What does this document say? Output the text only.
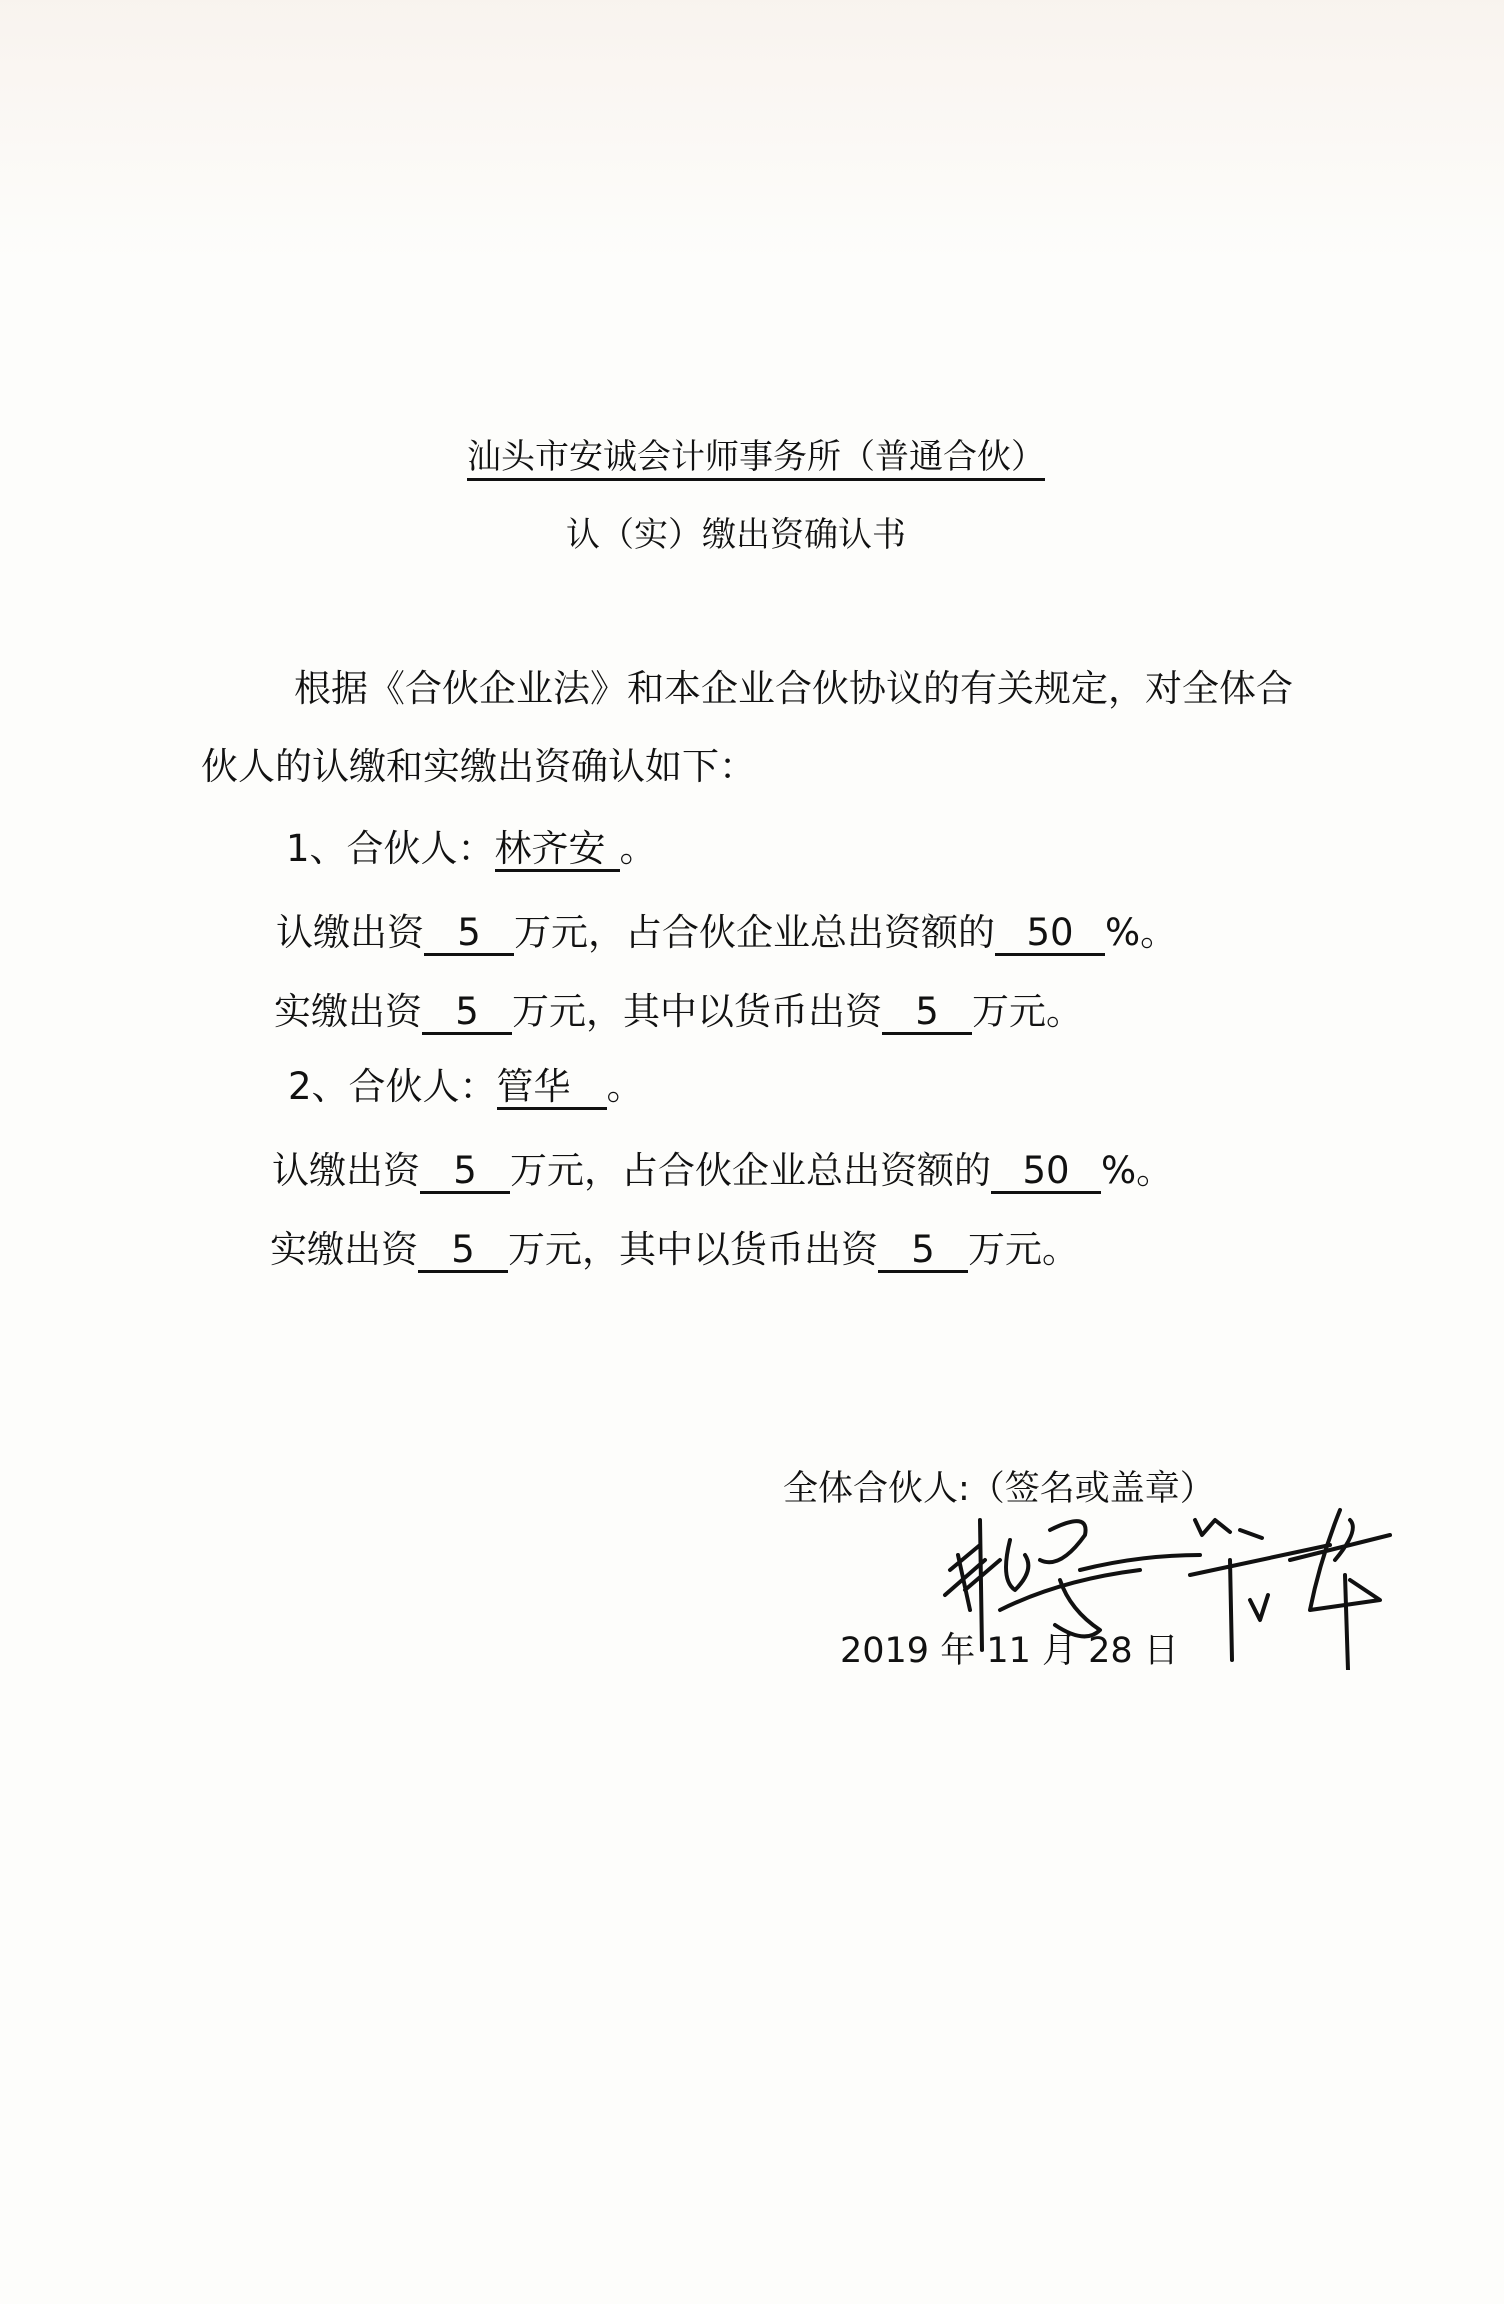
汕头市安诚会计师事务所（普通合伙）
认（实）缴出资确认书
根据《合伙企业法》和本企业合伙协议的有关规定，对全体合
伙人的认缴和实缴出资确认如下：
1、合伙人：林齐安 。
认缴出资 5 万元，占合伙企业总出资额的 50 %。
实缴出资 5 万元，其中以货币出资 5 万元。
2、合伙人：管华 。
认缴出资 5 万元，占合伙企业总出资额的 50 %。
实缴出资 5 万元，其中以货币出资 5 万元。
全体合伙人:（签名或盖章）
2019 年 11 月 28 日
